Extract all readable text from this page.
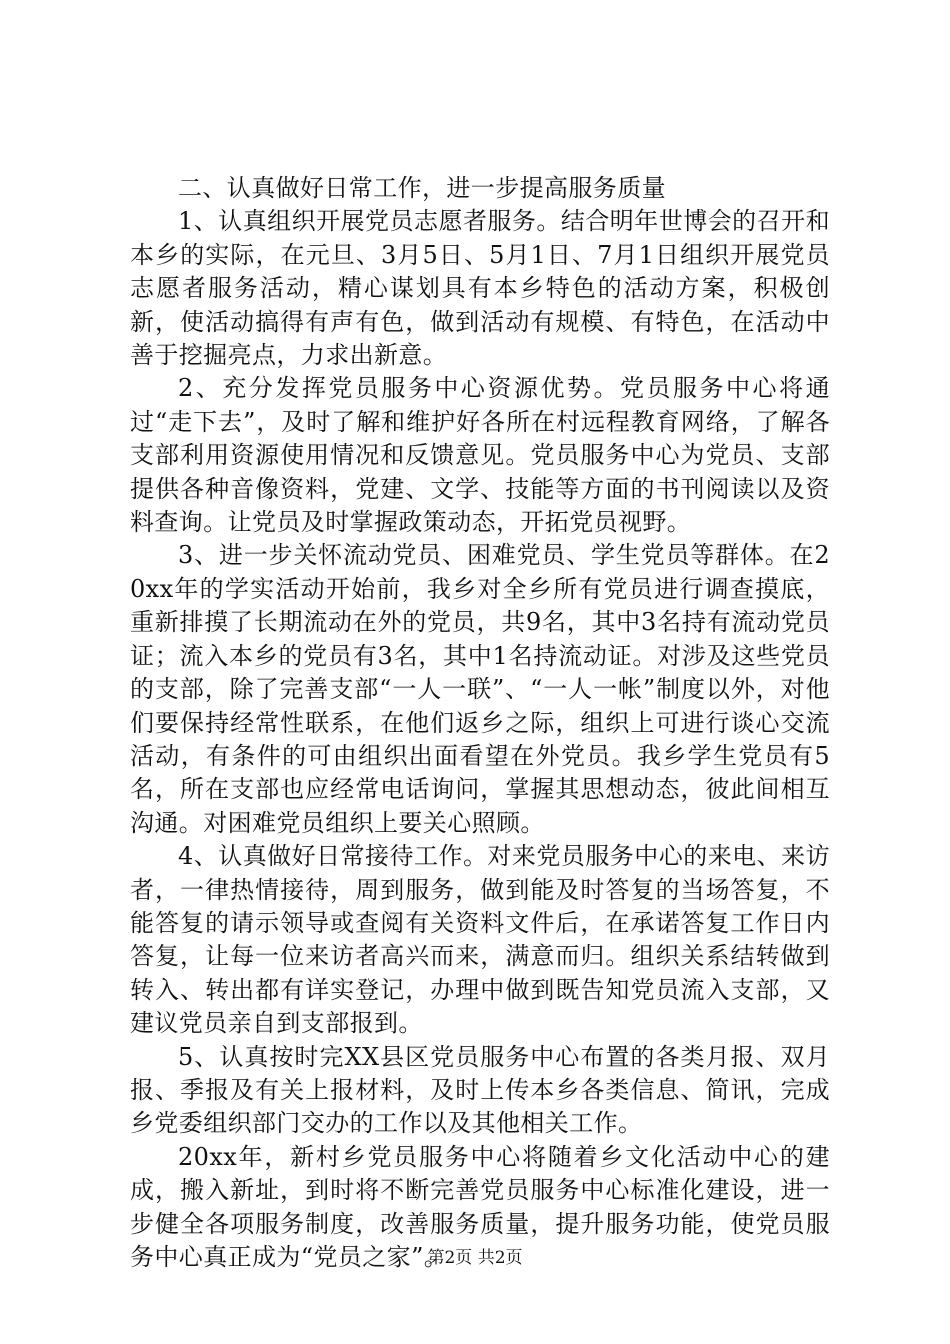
二、认真做好日常工作，进一步提高服务质量

1、认真组织开展党员志愿者服务。结合明年世博会的召开和本乡的实际，在元旦、3月5日、5月1日、7月1日组织开展党员志愿者服务活动，精心谋划具有本乡特色的活动方案，积极创新，使活动搞得有声有色，做到活动有规模、有特色，在活动中善于挖掘亮点，力求出新意。

2、充分发挥党员服务中心资源优势。党员服务中心将通过“走下去”，及时了解和维护好各所在村远程教育网络，了解各支部利用资源使用情况和反馈意见。党员服务中心为党员、支部提供各种音像资料，党建、文学、技能等方面的书刊阅读以及资料查询。让党员及时掌握政策动态，开拓党员视野。

3、进一步关怀流动党员、困难党员、学生党员等群体。在20xx年的学实活动开始前，我乡对全乡所有党员进行调查摸底，重新排摸了长期流动在外的党员，共9名，其中3名持有流动党员证；流入本乡的党员有3名，其中1名持流动证。对涉及这些党员的支部，除了完善支部“一人一联”、“一人一帐”制度以外，对他们要保持经常性联系，在他们返乡之际，组织上可进行谈心交流活动，有条件的可由组织出面看望在外党员。我乡学生党员有5名，所在支部也应经常电话询问，掌握其思想动态，彼此间相互沟通。对困难党员组织上要关心照顾。

4、认真做好日常接待工作。对来党员服务中心的来电、来访者，一律热情接待，周到服务，做到能及时答复的当场答复，不能答复的请示领导或查阅有关资料文件后，在承诺答复工作日内答复，让每一位来访者高兴而来，满意而归。组织关系结转做到转入、转出都有详实登记，办理中做到既告知党员流入支部，又建议党员亲自到支部报到。

5、认真按时完XX县区党员服务中心布置的各类月报、双月报、季报及有关上报材料，及时上传本乡各类信息、简讯，完成乡党委组织部门交办的工作以及其他相关工作。

20xx年，新村乡党员服务中心将随着乡文化活动中心的建成，搬入新址，到时将不断完善党员服务中心标准化建设，进一步健全各项服务制度，改善服务质量，提升服务功能，使党员服务中心真正成为“党员之家”。

第2页 共2页
